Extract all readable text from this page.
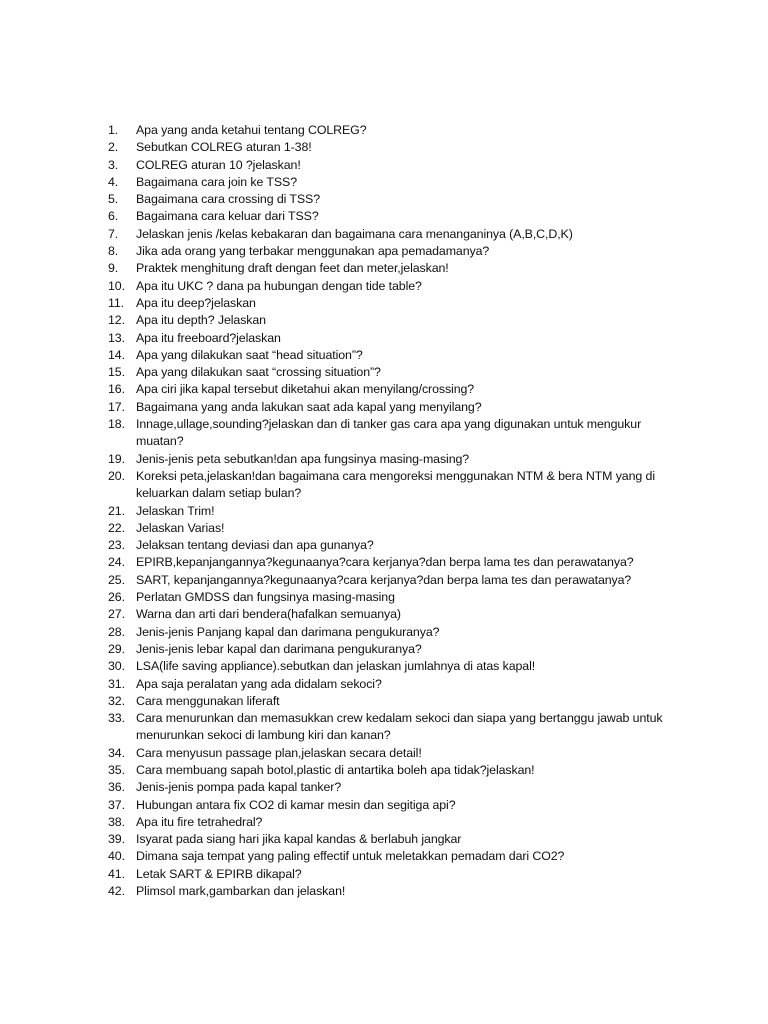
1.	Apa yang anda ketahui tentang COLREG?
2.	Sebutkan COLREG aturan 1-38!
3.	COLREG aturan 10 ?jelaskan!
4.	Bagaimana cara join ke TSS?
5.	Bagaimana cara crossing di TSS?
6.	Bagaimana cara keluar dari TSS?
7.	Jelaskan jenis /kelas kebakaran dan bagaimana cara menanganinya (A,B,C,D,K)
8.	Jika ada orang yang terbakar menggunakan apa pemadamanya?
9.	Praktek menghitung draft dengan feet dan meter,jelaskan!
10. Apa itu UKC ? dana pa hubungan dengan tide table?
11. Apa itu deep?jelaskan
12. Apa itu depth? Jelaskan
13. Apa itu freeboard?jelaskan
14. Apa yang dilakukan saat “head situation”?
15. Apa yang dilakukan saat “crossing situation”?
16. Apa ciri jika kapal tersebut diketahui akan menyilang/crossing?
17. Bagaimana yang anda lakukan saat ada kapal yang menyilang?
18. Innage,ullage,sounding?jelaskan dan di tanker gas cara apa yang digunakan untuk mengukur muatan?
19. Jenis-jenis peta sebutkan!dan apa fungsinya masing-masing?
20. Koreksi peta,jelaskan!dan bagaimana cara mengoreksi menggunakan NTM & bera NTM yang di keluarkan dalam setiap bulan?
21. Jelaskan Trim!
22. Jelaskan Varias!
23. Jelaksan tentang deviasi dan apa gunanya?
24. EPIRB,kepanjangannya?kegunaanya?cara kerjanya?dan berpa lama tes dan perawatanya?
25. SART, kepanjangannya?kegunaanya?cara kerjanya?dan berpa lama tes dan perawatanya?
26. Perlatan GMDSS dan fungsinya masing-masing
27. Warna dan arti dari bendera(hafalkan semuanya)
28. Jenis-jenis Panjang kapal dan darimana pengukuranya?
29. Jenis-jenis lebar kapal dan darimana pengukuranya?
30. LSA(life saving appliance).sebutkan dan jelaskan jumlahnya di atas kapal!
31. Apa saja peralatan yang ada didalam sekoci?
32. Cara menggunakan liferaft
33. Cara menurunkan dan memasukkan crew kedalam sekoci dan siapa yang bertanggu jawab untuk menurunkan sekoci di lambung kiri dan kanan?
34. Cara menyusun passage plan,jelaskan secara detail!
35. Cara membuang sapah botol,plastic di antartika boleh apa tidak?jelaskan!
36. Jenis-jenis pompa pada kapal tanker?
37. Hubungan antara fix CO2 di kamar mesin dan segitiga api?
38. Apa itu fire tetrahedral?
39. Isyarat pada siang hari jika kapal kandas & berlabuh jangkar
40. Dimana saja tempat yang paling effectif untuk meletakkan pemadam dari CO2?
41. Letak SART & EPIRB dikapal?
42. Plimsol mark,gambarkan dan jelaskan!
